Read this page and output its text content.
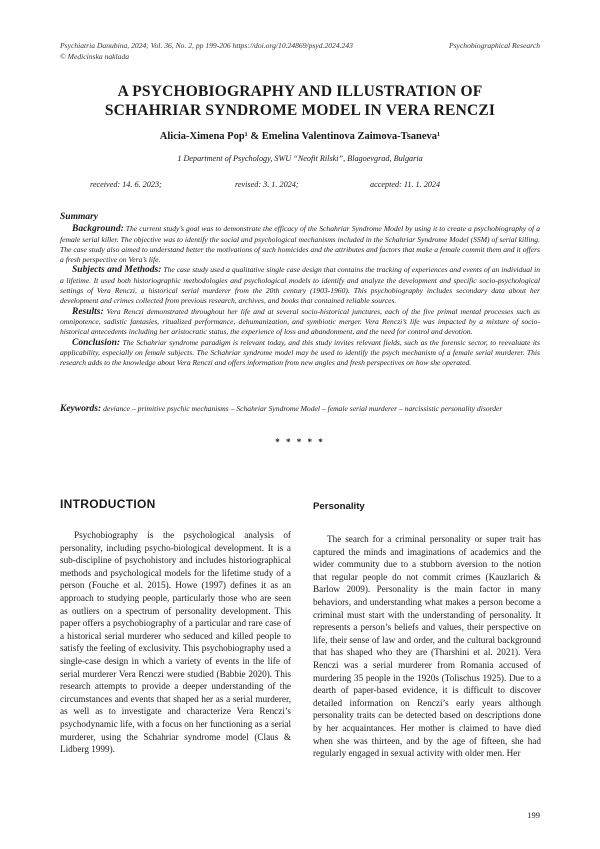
Psychiatria Danubina, 2024; Vol. 36, No. 2, pp 199-206 https://doi.org/10.24869/psyd.2024.243
© Medicinska naklada
Psychobiographical Research
A PSYCHOBIOGRAPHY AND ILLUSTRATION OF
SCHAHRIAR SYNDROME MODEL IN VERA RENCZI
Alicia-Ximena Pop¹ & Emelina Valentinova Zaimova-Tsaneva¹
1 Department of Psychology, SWU “Neofit Rilski”, Blagoevgrad, Bulgaria
received: 14. 6. 2023;	revised: 3. 1. 2024;	accepted: 11. 1. 2024
Summary

Background: The current study’s goal was to demonstrate the efficacy of the Schahriar Syndrome Model by using it to create a psychobiography of a female serial killer. The objective was to identify the social and psychological mechanisms included in the Schahriar Syndrome Model (SSM) of serial killing. The case study also aimed to understand better the motivations of such homicides and the attributes and factors that make a female commit them and it offers a fresh perspective on Vera’s life.

Subjects and Methods: The case study used a qualitative single case design that contains the tracking of experiences and events of an individual in a lifetime. It used both historiographic methodologies and psychological models to identify and analyze the development and specific socio-psychological settings of Vera Renczi, a historical serial murderer from the 20th century (1903-1960). This psychobiography includes secondary data about her development and crimes collected from previous research, archives, and books that contained reliable sources.

Results: Vera Renczi demonstrated throughout her life and at several socio-historical junctures, each of the five primal mental processes such as omnipotence, sadistic fantasies, ritualized performance, dehumanization, and symbiotic merger. Vera Renczi’s life was impacted by a mixture of socio-historical antecedents including her aristocratic status, the experience of loss and abandonment, and the need for control and devotion.

Conclusion: The Schahriar syndrome paradigm is relevant today, and this study invites relevant fields, such as the forensic sector, to reevaluate its applicability, especially on female subjects. The Schahriar syndrome model may be used to identify the psych mechanism of a female serial murderer. This research adds to the knowledge about Vera Renczi and offers information from new angles and fresh perspectives on how she operated.

Keywords: deviance – primitive psychic mechanisms – Schahriar Syndrome Model – female serial murderer – narcissistic personality disorder
* * * * *
INTRODUCTION

Psychobiography is the psychological analysis of personality, including psycho-biological development. It is a sub-discipline of psychohistory and includes historiographical methods and psychological models for the lifetime study of a person (Fouche et al. 2015). Howe (1997) defines it as an approach to studying people, particularly those who are seen as outliers on a spectrum of personality development. This paper offers a psychobiography of a particular and rare case of a historical serial murderer who seduced and killed people to satisfy the feeling of exclusivity. This psychobiography used a single-case design in which a variety of events in the life of serial murderer Vera Renczi were studied (Babbie 2020). This research attempts to provide a deeper understanding of the circumstances and events that shaped her as a serial murderer, as well as to investigate and characterize Vera Renczi’s psychodynamic life, with a focus on her functioning as a serial murderer, using the Schahriar syndrome model (Claus & Lidberg 1999).

Personality

The search for a criminal personality or super trait has captured the minds and imaginations of academics and the wider community due to a stubborn aversion to the notion that regular people do not commit crimes (Kauzlarich & Barlow 2009). Personality is the main factor in many behaviors, and understanding what makes a person become a criminal must start with the understanding of personality. It represents a person’s beliefs and values, their perspective on life, their sense of law and order, and the cultural background that has shaped who they are (Tharshini et al. 2021). Vera Renczi was a serial murderer from Romania accused of murdering 35 people in the 1920s (Tolischus 1925). Due to a dearth of paper-based evidence, it is difficult to discover detailed information on Renczi’s early years although personality traits can be detected based on descriptions done by her acquaintances. Her mother is claimed to have died when she was thirteen, and by the age of fifteen, she had regularly engaged in sexual activity with older men. Her

199
